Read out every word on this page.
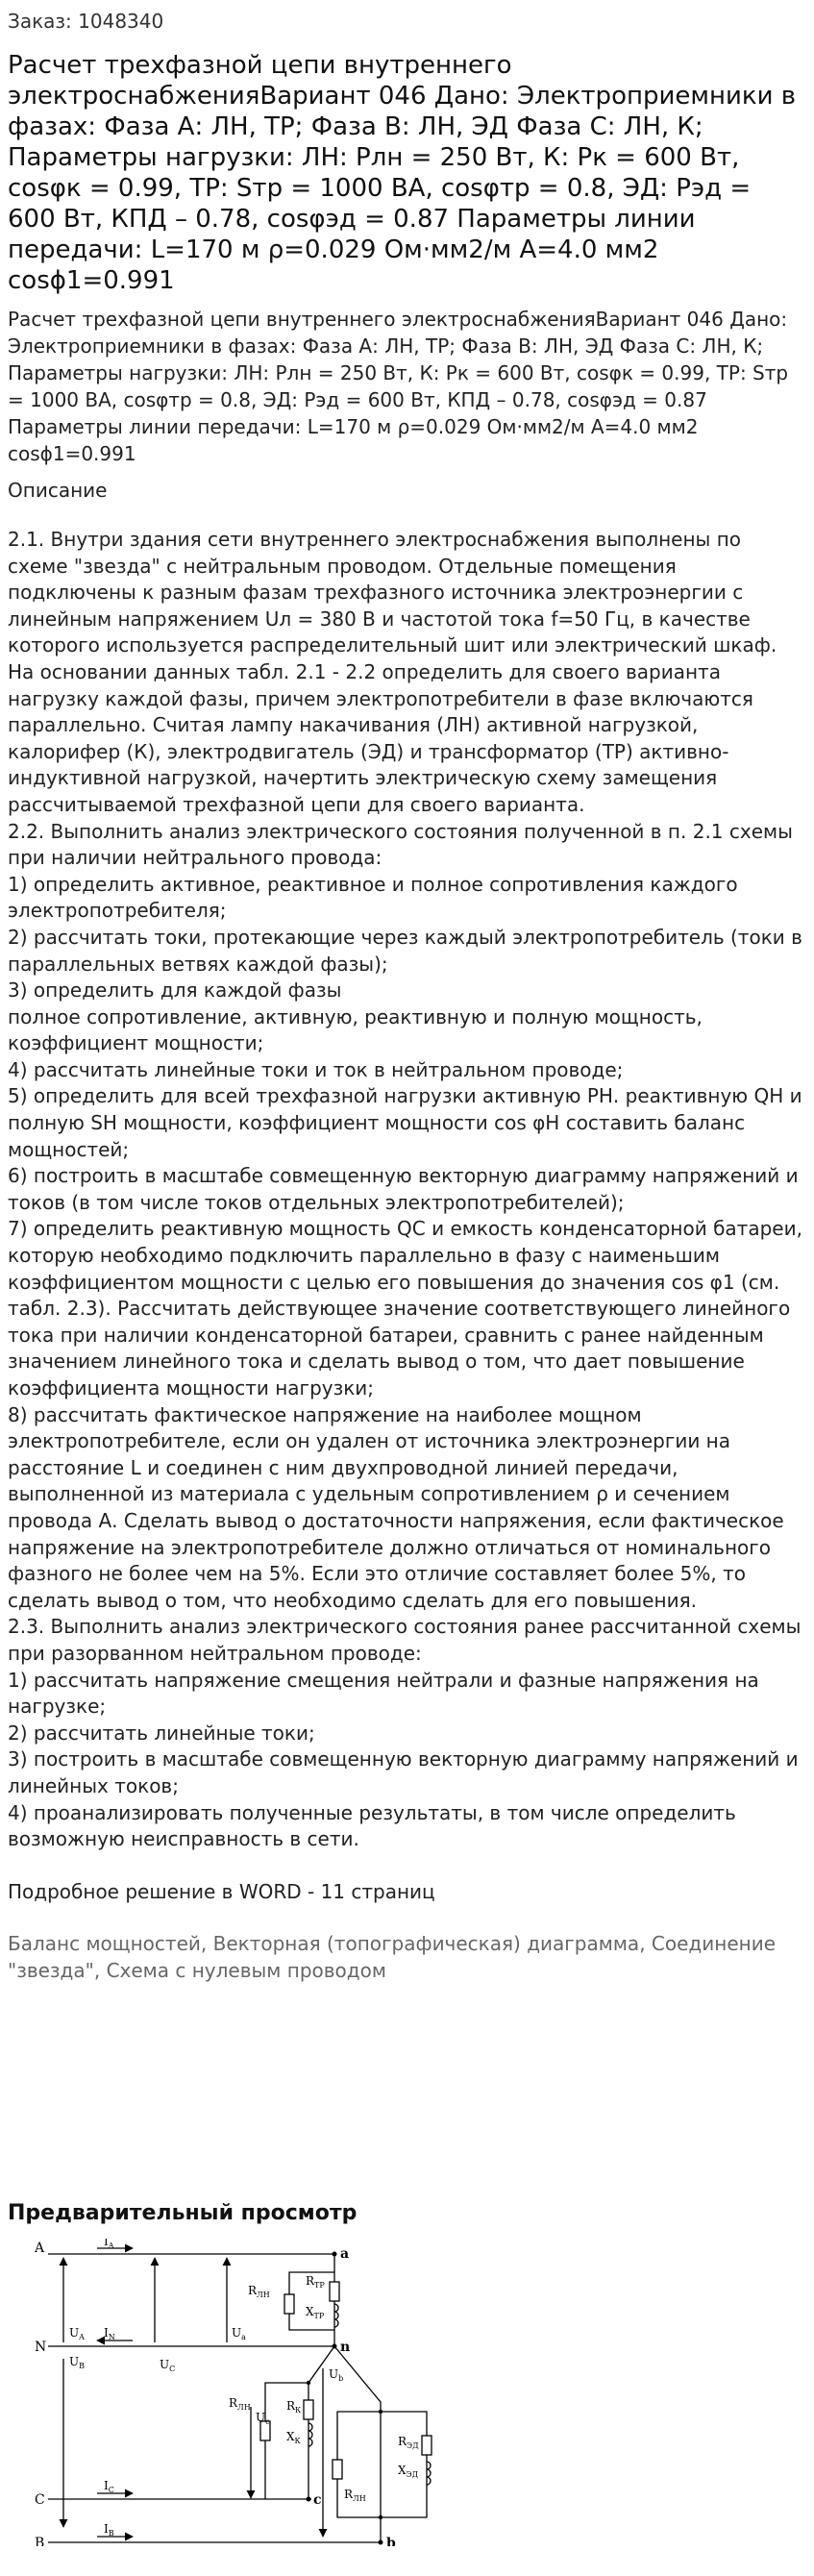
Заказ: 1048340
Расчет трехфазной цепи внутреннего электроснабженияВариант 046 Дано: Электроприемники в фазах: Фаза А: ЛН, ТР; Фаза В: ЛН, ЭД Фаза С: ЛН, К; Параметры нагрузки: ЛН: Pлн = 250 Вт, К: Pк = 600 Вт, cosφк = 0.99, ТР: Sтр = 1000 ВА, cosφтр = 0.8, ЭД: Pэд = 600 Вт, КПД – 0.78, cosφэд = 0.87 Параметры линии передачи: L=170 м ρ=0.029 Ом·мм2/м A=4.0 мм2 cosϕ1=0.991

Расчет трехфазной цепи внутреннего электроснабженияВариант 046 Дано: Электроприемники в фазах: Фаза А: ЛН, ТР; Фаза В: ЛН, ЭД Фаза С: ЛН, К; Параметры нагрузки: ЛН: Pлн = 250 Вт, К: Pк = 600 Вт, cosφк = 0.99, ТР: Sтр = 1000 ВА, cosφтр = 0.8, ЭД: Pэд = 600 Вт, КПД – 0.78, cosφэд = 0.87 Параметры линии передачи: L=170 м ρ=0.029 Ом·мм2/м A=4.0 мм2 cosϕ1=0.991

Описание

2.1. Внутри здания сети внутреннего электроснабжения выполнены по схеме "звезда" с нейтральным проводом. Отдельные помещения подключены к разным фазам трехфазного источника электроэнергии с линейным напряжением Uл = 380 В и частотой тока f=50 Гц, в качестве которого используется распределительный шит или электрический шкаф. На основании данных табл. 2.1 - 2.2 определить для своего варианта нагрузку каждой фазы, причем электропотребители в фазе включаются параллельно. Считая лампу накачивания (ЛН) активной нагрузкой, калорифер (К), электродвигатель (ЭД) и трансформатор (ТР) активно-индуктивной нагрузкой, начертить электрическую схему замещения рассчитываемой трехфазной цепи для своего варианта.
2.2. Выполнить анализ электрического состояния полученной в п. 2.1 схемы при наличии нейтрального провода:
1) определить активное, реактивное и полное сопротивления каждого электропотребителя;
2) рассчитать токи, протекающие через каждый электропотребитель (токи в параллельных ветвях каждой фазы);
3) определить для каждой фазы
полное сопротивление, активную, реактивную и полную мощность, коэффициент мощности;
4) рассчитать линейные токи и ток в нейтральном проводе;
5) определить для всей трехфазной нагрузки активную PН. реактивную QН и полную SН мощности, коэффициент мощности cos φН составить баланс мощностей;
6) построить в масштабе совмещенную векторную диаграмму напряжений и токов (в том числе токов отдельных электропотребителей);
7) определить реактивную мощность QC и емкость конденсаторной батареи, которую необходимо подключить параллельно в фазу с наименьшим коэффициентом мощности с целью его повышения до значения cos φ1 (см. табл. 2.3). Рассчитать действующее значение соответствующего линейного тока при наличии конденсаторной батареи, сравнить с ранее найденным значением линейного тока и сделать вывод о том, что дает повышение коэффициента мощности нагрузки;
8) рассчитать фактическое напряжение на наиболее мощном электропотребителе, если он удален от источника электроэнергии на расстояние L и соединен с ним двухпроводной линией передачи, выполненной из материала с удельным сопротивлением ρ и сечением провода А. Сделать вывод о достаточности напряжения, если фактическое напряжение на электропотребителе должно отличаться от номинального фазного не более чем на 5%. Если это отличие составляет более 5%, то сделать вывод о том, что необходимо сделать для его повышения.
2.3. Выполнить анализ электрического состояния ранее рассчитанной схемы при разорванном нейтральном проводе:
1) рассчитать напряжение смещения нейтрали и фазные напряжения на нагрузке;
2) рассчитать линейные токи;
3) построить в масштабе совмещенную векторную диаграмму напряжений и линейных токов;
4) проанализировать полученные результаты, в том числе определить возможную неисправность в сети.

Подробное решение в WORD - 11 страниц

Баланс мощностей, Векторная (топографическая) диаграмма, Соединение "звезда", Схема с нулевым проводом

Предварительный просмотр
A
N
C
B
a
n
c
b
$I_A$
$I_N$
$I_C$
$I_B$
$U_A$
$U_B$	$U_C$
$U_a$
$U_c$
$U_b$
$R_{ЛН}$
$R_{ТР}$
$X_{ТР}$
$R_{ЛН}$	$R_К$
$X_К$	$R_{ЭД}$
$X_{ЭД}$
$R_{ЛН}$
